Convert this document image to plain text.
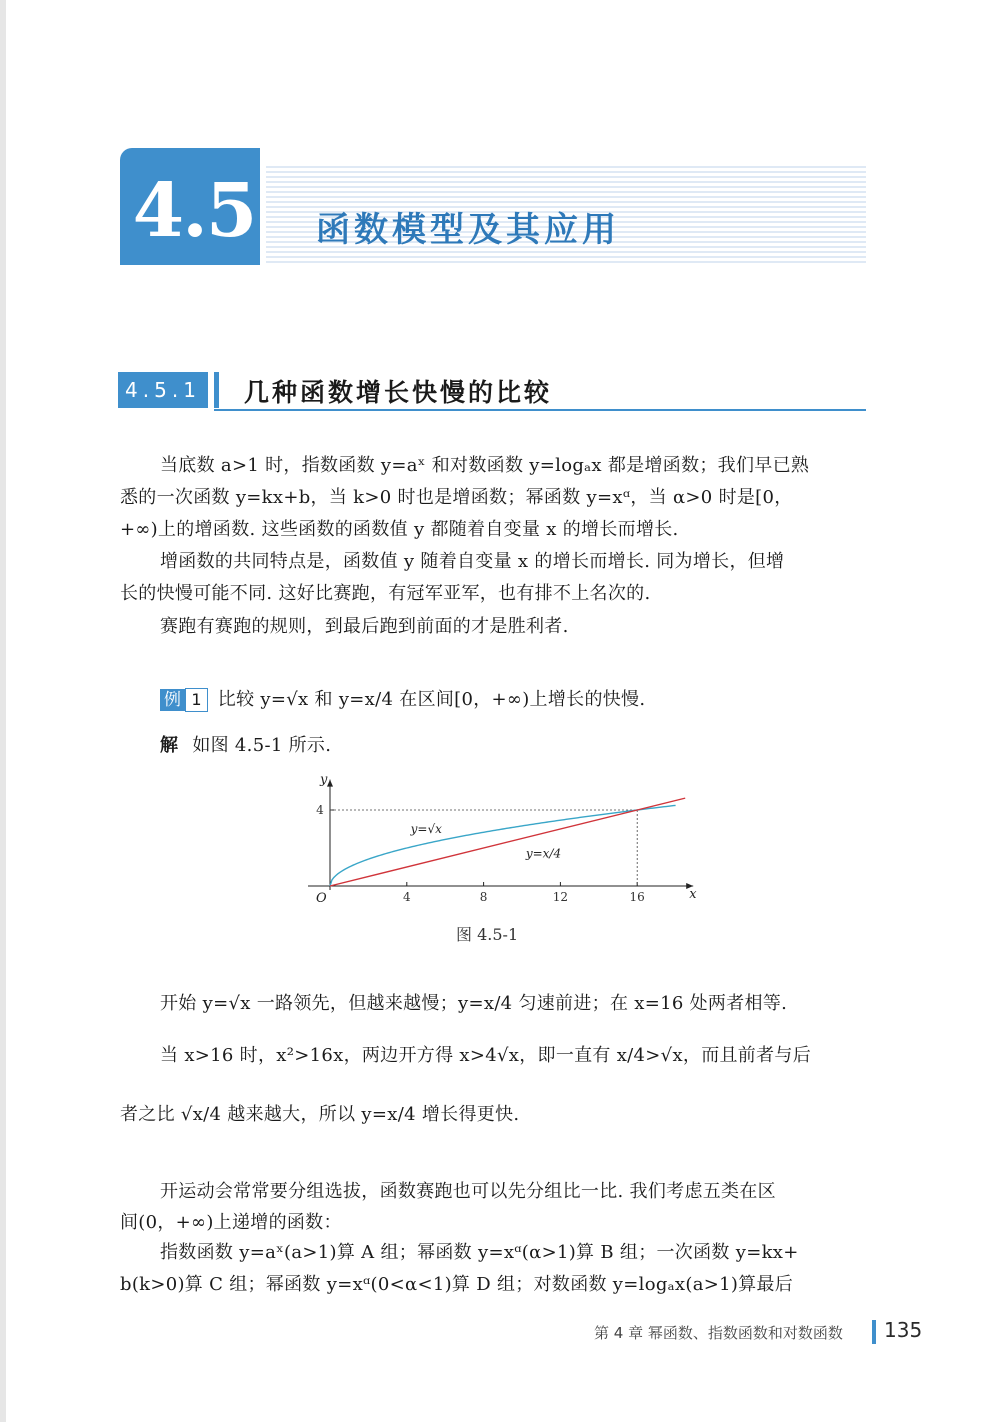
4.5 函数模型及其应用
4.5.1 几种函数增长快慢的比较
当底数 a>1 时，指数函数 y=aˣ 和对数函数 y=logₐx 都是增函数；我们早已熟
悉的一次函数 y=kx+b，当 k>0 时也是增函数；幂函数 y=xᵅ，当 α>0 时是[0，
+∞)上的增函数. 这些函数的函数值 y 都随着自变量 x 的增长而增长.
增函数的共同特点是，函数值 y 随着自变量 x 的增长而增长. 同为增长，但增
长的快慢可能不同. 这好比赛跑，有冠军亚军，也有排不上名次的.
赛跑有赛跑的规则，到最后跑到前面的才是胜利者.
例 1 比较 y=√x 和 y=x/4 在区间[0，+∞)上增长的快慢.
解 如图 4.5-1 所示.
x
y
O	4	8	12	16
4
y=√x
y=x/4
图 4.5-1
开始 y=√x 一路领先，但越来越慢；y=x/4 匀速前进；在 x=16 处两者相等.
当 x>16 时，x²>16x，两边开方得 x>4√x，即一直有 x/4>√x，而且前者与后
者之比 √x/4 越来越大，所以 y=x/4 增长得更快.
开运动会常常要分组选拔，函数赛跑也可以先分组比一比. 我们考虑五类在区
间(0，+∞)上递增的函数：
指数函数 y=aˣ(a>1)算 A 组；幂函数 y=xᵅ(α>1)算 B 组；一次函数 y=kx+
b(k>0)算 C 组；幂函数 y=xᵅ(0<α<1)算 D 组；对数函数 y=logₐx(a>1)算最后
第 4 章 幂函数、指数函数和对数函数 135
